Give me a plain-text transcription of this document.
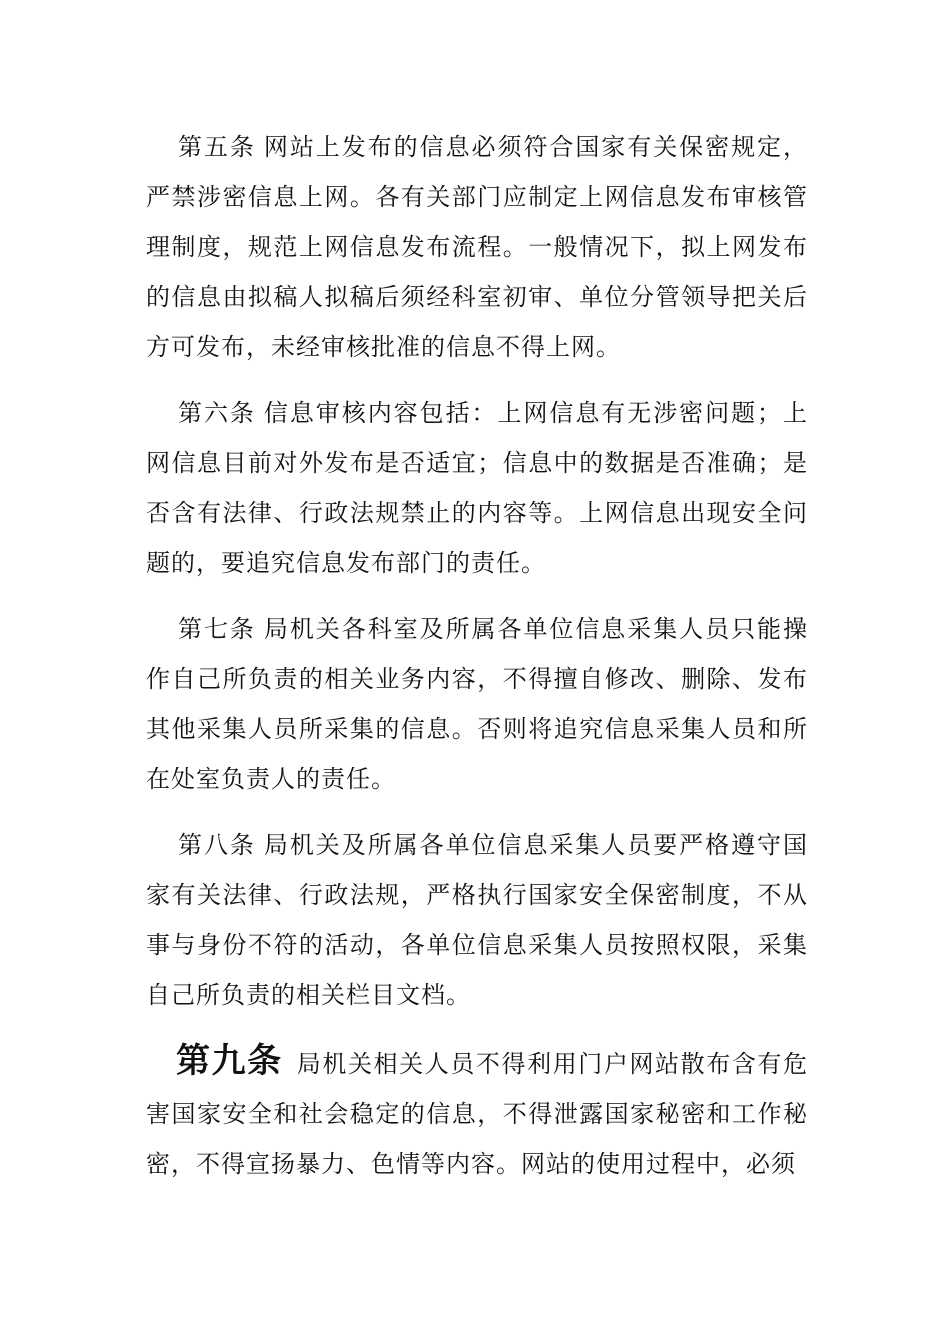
第五条 网站上发布的信息必须符合国家有关保密规定，严禁涉密信息上网。各有关部门应制定上网信息发布审核管理制度，规范上网信息发布流程。一般情况下，拟上网发布的信息由拟稿人拟稿后须经科室初审、单位分管领导把关后方可发布，未经审核批准的信息不得上网。

第六条 信息审核内容包括：上网信息有无涉密问题；上网信息目前对外发布是否适宜；信息中的数据是否准确；是否含有法律、行政法规禁止的内容等。上网信息出现安全问题的，要追究信息发布部门的责任。

第七条 局机关各科室及所属各单位信息采集人员只能操作自己所负责的相关业务内容，不得擅自修改、删除、发布其他采集人员所采集的信息。否则将追究信息采集人员和所在处室负责人的责任。

第八条 局机关及所属各单位信息采集人员要严格遵守国家有关法律、行政法规，严格执行国家安全保密制度，不从事与身份不符的活动，各单位信息采集人员按照权限，采集自己所负责的相关栏目文档。

第九条 局机关相关人员不得利用门户网站散布含有危害国家安全和社会稳定的信息，不得泄露国家秘密和工作秘密，不得宣扬暴力、色情等内容。网站的使用过程中，必须
